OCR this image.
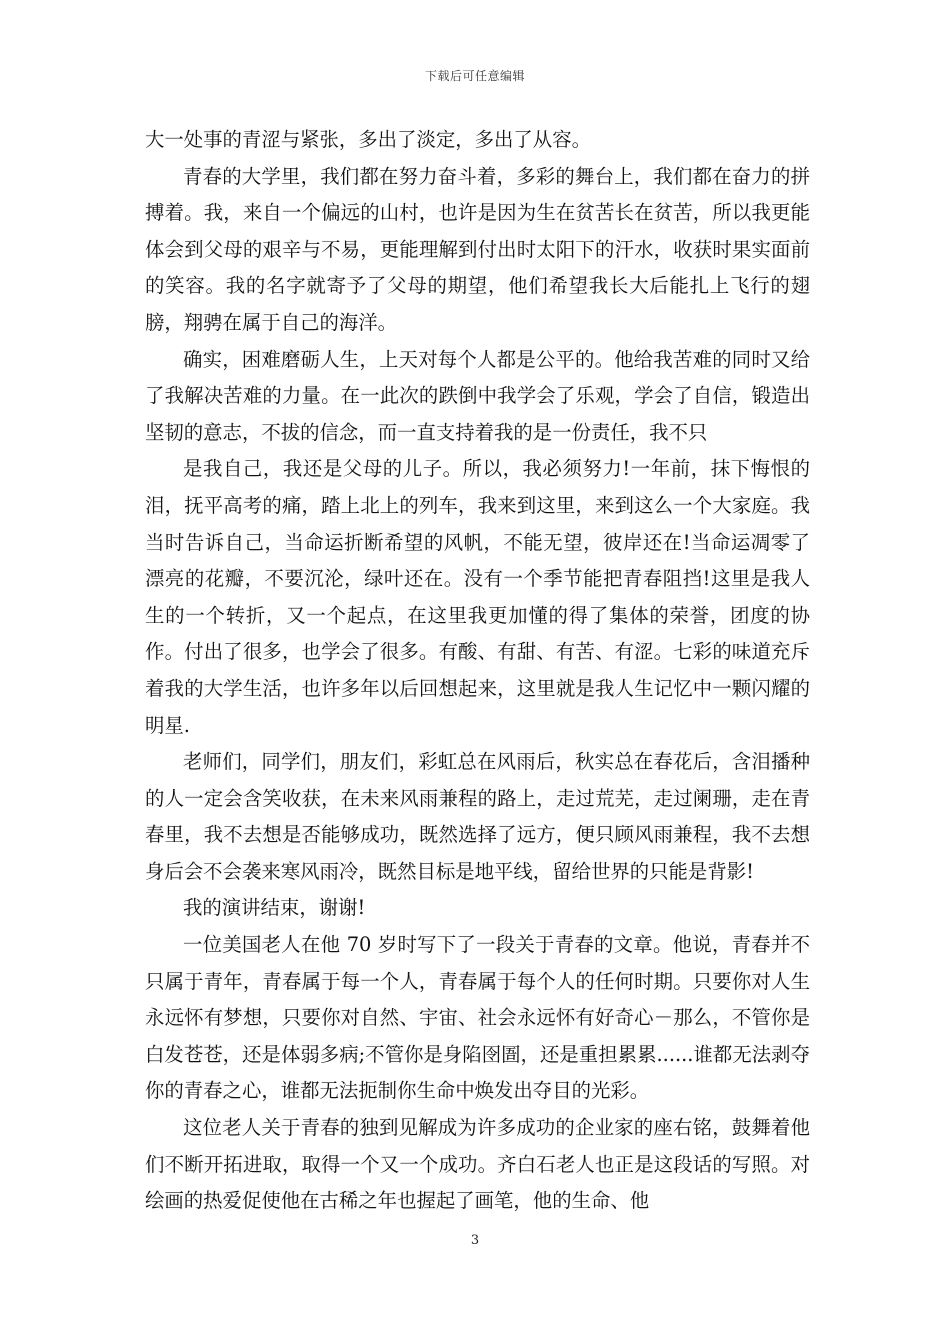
下载后可任意编辑

大一处事的青涩与紧张，多出了淡定，多出了从容。

青春的大学里，我们都在努力奋斗着，多彩的舞台上，我们都在奋力的拼搏着。我，来自一个偏远的山村，也许是因为生在贫苦长在贫苦，所以我更能体会到父母的艰辛与不易，更能理解到付出时太阳下的汗水，收获时果实面前的笑容。我的名字就寄予了父母的期望，他们希望我长大后能扎上飞行的翅膀，翔骋在属于自己的海洋。

确实，困难磨砺人生，上天对每个人都是公平的。他给我苦难的同时又给了我解决苦难的力量。在一此次的跌倒中我学会了乐观，学会了自信，锻造出坚韧的意志，不拔的信念，而一直支持着我的是一份责任，我不只

是我自己，我还是父母的儿子。所以，我必须努力!一年前，抹下悔恨的泪，抚平高考的痛，踏上北上的列车，我来到这里，来到这么一个大家庭。我当时告诉自己，当命运折断希望的风帆，不能无望，彼岸还在!当命运凋零了漂亮的花瓣，不要沉沦，绿叶还在。没有一个季节能把青春阻挡!这里是我人生的一个转折，又一个起点，在这里我更加懂的得了集体的荣誉，团度的协作。付出了很多，也学会了很多。有酸、有甜、有苦、有涩。七彩的味道充斥着我的大学生活，也许多年以后回想起来，这里就是我人生记忆中一颗闪耀的明星.

老师们，同学们，朋友们，彩虹总在风雨后，秋实总在春花后，含泪播种的人一定会含笑收获，在未来风雨兼程的路上，走过荒芜，走过阑珊，走在青春里，我不去想是否能够成功，既然选择了远方，便只顾风雨兼程，我不去想身后会不会袭来寒风雨冷，既然目标是地平线，留给世界的只能是背影!

我的演讲结束，谢谢!

一位美国老人在他 70 岁时写下了一段关于青春的文章。他说，青春并不只属于青年，青春属于每一个人，青春属于每个人的任何时期。只要你对人生永远怀有梦想，只要你对自然、宇宙、社会永远怀有好奇心－那么，不管你是白发苍苍，还是体弱多病;不管你是身陷囹圄，还是重担累累......谁都无法剥夺你的青春之心，谁都无法扼制你生命中焕发出夺目的光彩。

这位老人关于青春的独到见解成为许多成功的企业家的座右铭，鼓舞着他们不断开拓进取，取得一个又一个成功。齐白石老人也正是这段话的写照。对绘画的热爱促使他在古稀之年也握起了画笔，他的生命、他

3
